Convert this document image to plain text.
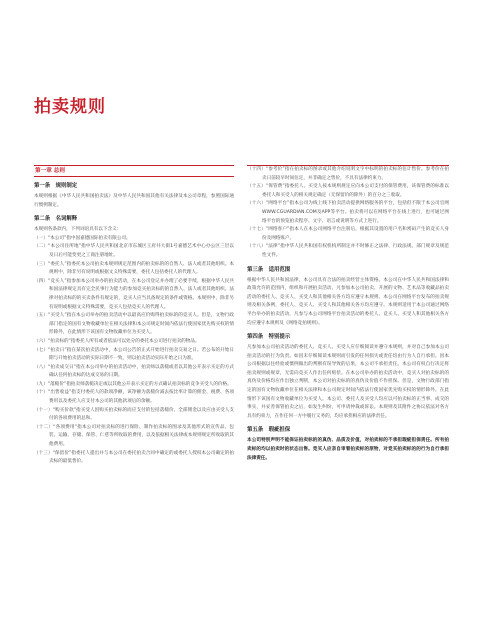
拍卖规则
第一章 总则
第一条　规则制定
本规则根据《中华人民共和国拍卖法》及中华人民共和国其他有关法律及本公司章程，参照国际通行惯例制定。
第二条　名词解释
本规则各条款内，下列词语具有以下含义：
（一）“本公司”指中国嘉德国际拍卖有限公司。
（二）“本公司住所地”指中华人民共和国北京市东城区王府井大街1号嘉德艺术中心办公区三层以及日后可能变更之工商注册地址。
（三）“委托人”指委托本公司拍卖本规则规定范围内的拍卖标的的自然人、法人或者其他组织。本规则中，除非另有说明或根据文义特殊需要，委托人包括委托人的代理人。
（四）“竞买人”指参加本公司举办的拍卖活动，在本公司登记并办理了必要手续，根据中华人民共和国法律规定具有完全民事行为能力的参加竞买拍卖标的的自然人、法人或者其他组织。法律对拍卖标的的买卖条件有规定的，竞买人应当具备规定的条件或资格。本规则中，除非另有说明或根据文义特殊需要，竞买人包括竞买人的代理人。
（五）“买受人”指在本公司举办的拍卖活动中以最高应价购得拍卖标的的竞买人。但是，文物行政部门指定的国有文物收藏单位在相关法律和本公司规定时间内依法行使国家优先购买权的情形除外，在此情形下该国有文物收藏单位为买受人。
（六）“拍卖标的”指委托人所有或者依法可以处分的委托本公司进行拍卖的物品。
（七）“拍卖日”指在某次拍卖活动中，本公司公告的正式开始进行拍卖交易之日。若公布的开始日期与开始拍卖活动的实际日期不一致，则以拍卖活动实际开始之日为准。
（八）“拍卖成交日”指在本公司举办的拍卖活动中，拍卖师以落槌或者以其他公开表示买定的方式确认任何拍卖标的达成交易的日期。
（九）“落槌价”指拍卖师落槌决定或以其他公开表示买定的方式确认拍卖标的竞争买受人的价格。
（十）“出售收益”指支付委托人的款项净额，该净额为落槌价减去按比率计算的佣金、税费、各项费用以及委托人应支付本公司的其他款项后的余额。
（十一）“购买价款”指买受人因购买拍卖标的而应支付的包括落槌价、全部佣金以及应由买受人支付的各项费用的总和。
（十二）“各项费用”指本公司对拍卖标的进行保险、制作拍卖标的图录及其他形式的宣传品、包装、运输、存储、保管、仁慈等所收取的费用，以及依据相关法律或本规则规定所收取的其他费用。
（十三）“保留价”指委托人提出并与本公司在委托拍卖合同中确定的或委托人授权本公司确定的拍卖标的最低售价。
（十四）“参考价”指在拍卖标的图录或其他介绍说明文字中标明的拍卖标的估计售价。参考价在拍卖日前较早时间估定，并非确定之售价，不具有法律约束力。
（十五）“保管费”指委托人、买受人按本规则规定应向本公司支付的保管费用，该保管费的标准以委托人和买受人的相关规定确定（无保留价的除外）的百分之三收取。
（十六）“网络平台”指本公司为线上线下拍卖活动提供网络服务的平台，包括但不限于本公司官网WWW.CGUARDIAN.COM及APP等平台。拍卖将可以在网络平台在线上进行，也可通过网络平台的预览拍卖程序、文字、语言或说明等方式上进行。
（十七）“网络客户”指本人在本公司网络平台注册后，根据其设置的用户名和密码产生的竞买人身份及网络账户。
（十八）“法律”指中华人民共和国有权机构所制定并不时修正之法律、行政法规、部门规章及规范性文件。
第三条　适用范围
根据中华人民共和国法律，本公司具有合法的拍卖经营主体资格。本公司在中华人民共和国法律和政策允许的范围内，组织和开展拍卖活动。凡参加本公司拍卖、开展的文物、艺术品等收藏品拍卖活动的委托人、竞买人、买受人和其他相关各方均应遵守本规则。本公司在网络平台发布的拍卖规则及相关条例，委托人、竞买人、买受人和其他相关各方均应遵守。本规则适用于本公司通过网络平台举办的拍卖活动，凡参与本公司网络平台拍卖活动的委托人、竞买人、买受人和其他相关各方均应遵守本规则及《网络竞拍规则》。
第四条　特别提示
凡参加本公司拍卖活动的委托人、竞买人、买受人应仔细阅读并遵守本规则，并对自己参加本公司拍卖活动的行为负责。如因未仔细阅读本规则而引发的任何损失或责任均由行为人自行承担。因本公司根据以往经验或惯例做出的判断有误导致的后果，本公司不承担责任。本公司有权自行决定将拍卖规则或规章，无需向竞买人作出任何赔偿。在本公司举办的拍卖活动中，竞买人对拍卖标的的真伪及价格均应作出独立判断，本公司对拍卖标的的真伪及价值不作担保。但是，文物行政部门指定的国有文物收藏单位在相关法律和本公司规定时间内依法行使国家优先购买权的情形除外。在此情形下该国有文物收藏单位为买受人。本公司、委托人及买受人均应以可拍卖标的正当事、成交的事实，并妥善保管拍卖之后，如发生纠纷，可申请仲裁或诉讼。本规则及其附件之协议依法对各方具有约束力，在作任何一方中履行义务的，均应承担相应的法律责任。
第五条　瑕疵担保
本公司特别声明不能保证拍卖标的的真伪、品质及价值，对拍卖标的不承担瑕疵担保责任。所有拍卖标的均以拍卖时的状态出售。竞买人应亲自审看拍卖标的原物，对竞买拍卖标的的行为自行承担法律责任。
